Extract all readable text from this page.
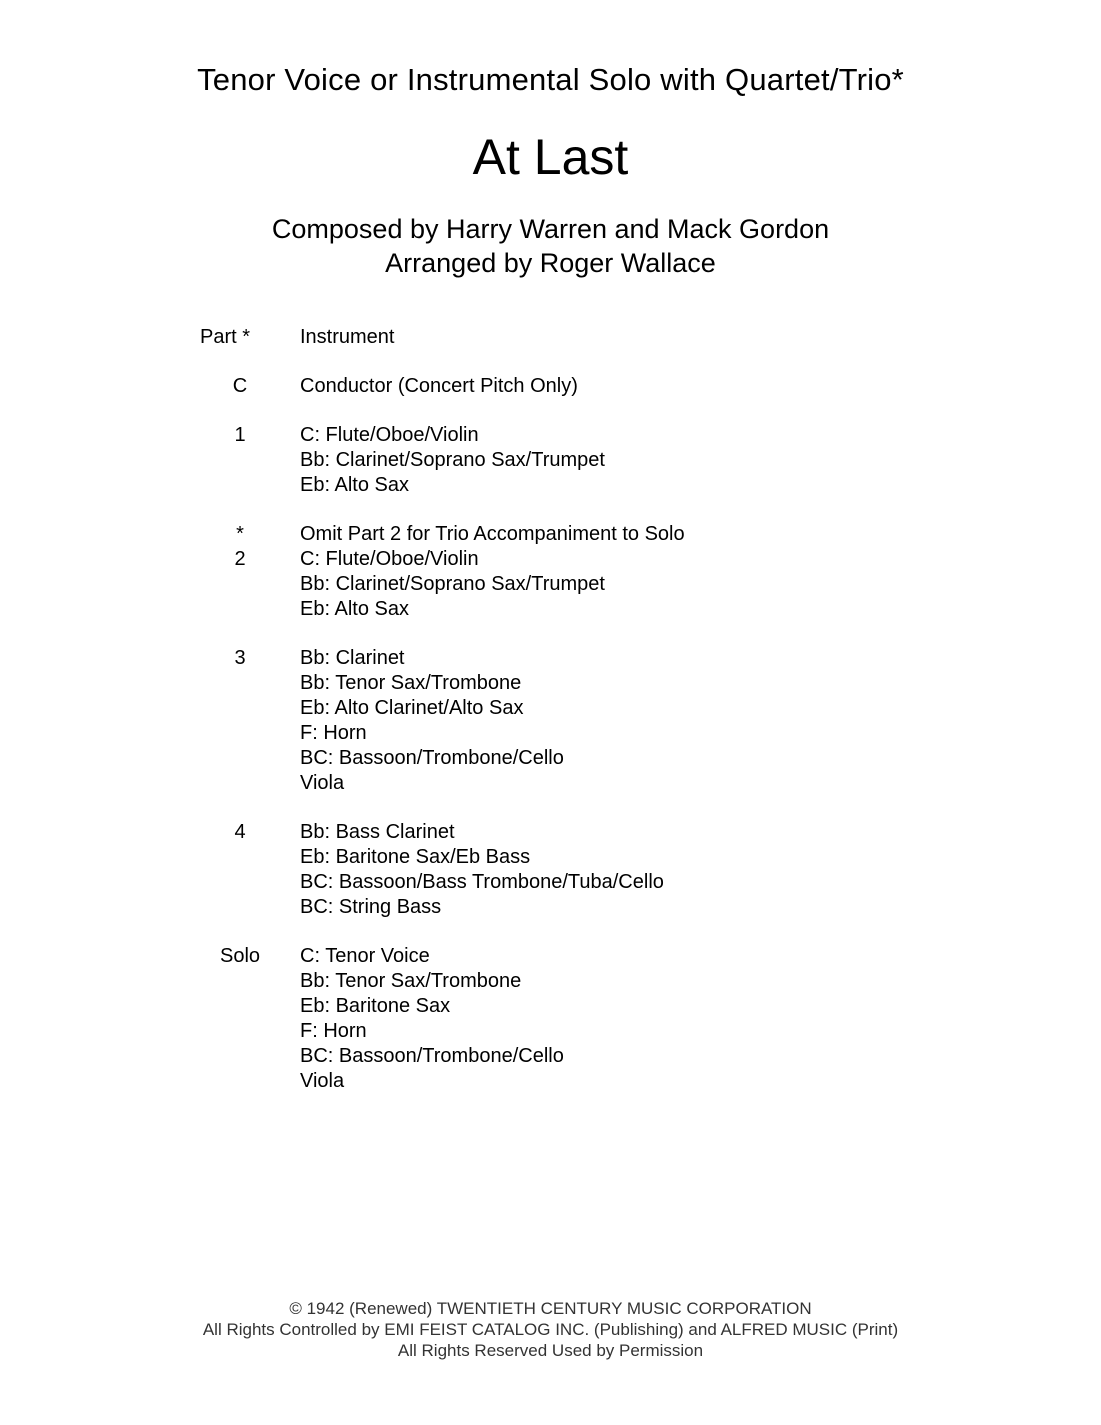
Tenor Voice or Instrumental Solo with Quartet/Trio*
At Last
Composed by Harry Warren and Mack Gordon
Arranged by Roger Wallace
Part *	Instrument
C	Conductor (Concert Pitch Only)
1	C: Flute/Oboe/Violin
Bb: Clarinet/Soprano Sax/Trumpet
Eb: Alto Sax
*	Omit Part 2 for Trio Accompaniment to Solo
2	C: Flute/Oboe/Violin
Bb: Clarinet/Soprano Sax/Trumpet
Eb: Alto Sax
3	Bb: Clarinet
Bb: Tenor Sax/Trombone
Eb: Alto Clarinet/Alto Sax
F: Horn
BC: Bassoon/Trombone/Cello
Viola
4	Bb: Bass Clarinet
Eb: Baritone Sax/Eb Bass
BC: Bassoon/Bass Trombone/Tuba/Cello
BC: String Bass
Solo	C: Tenor Voice
Bb: Tenor Sax/Trombone
Eb: Baritone Sax
F: Horn
BC: Bassoon/Trombone/Cello
Viola
© 1942 (Renewed) TWENTIETH CENTURY MUSIC CORPORATION
All Rights Controlled by EMI FEIST CATALOG INC. (Publishing) and ALFRED MUSIC (Print)
All Rights Reserved Used by Permission
